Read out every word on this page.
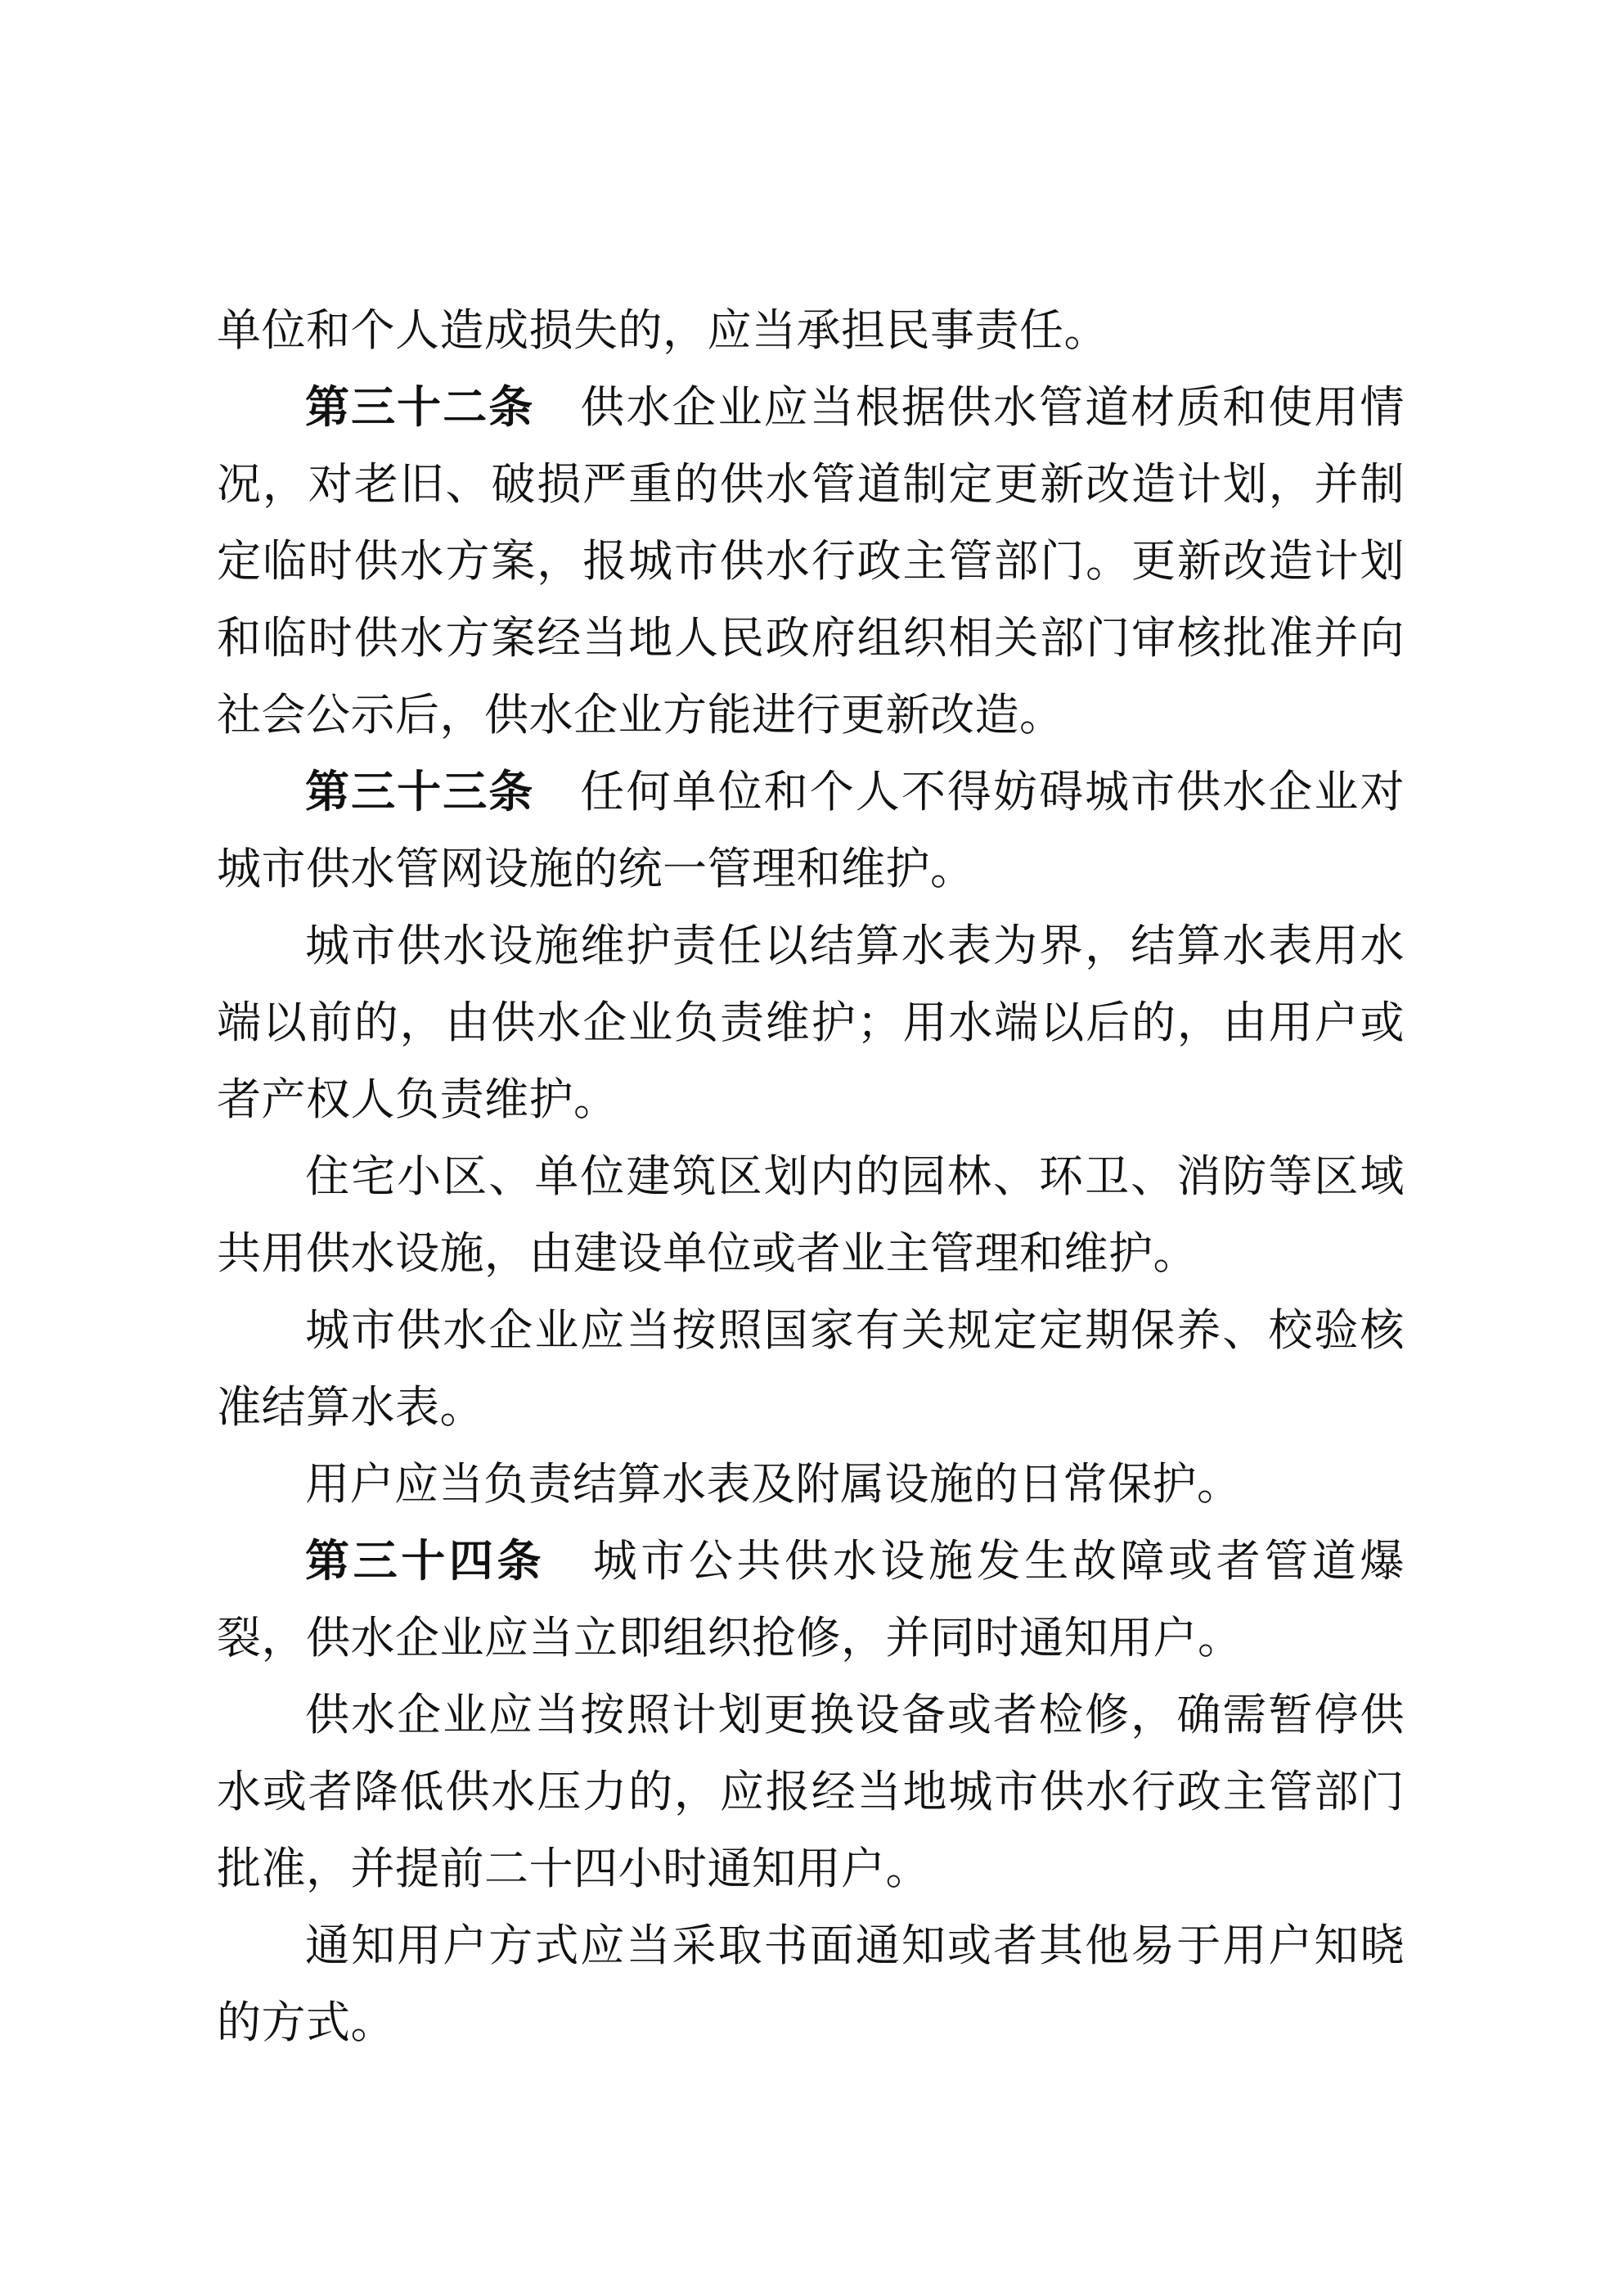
单位和个人造成损失的，应当承担民事责任。

第三十二条　供水企业应当根据供水管道材质和使用情况，对老旧、破损严重的供水管道制定更新改造计划，并制定临时供水方案，报城市供水行政主管部门。更新改造计划和临时供水方案经当地人民政府组织相关部门审核批准并向社会公示后，供水企业方能进行更新改造。

第三十三条　任何单位和个人不得妨碍城市供水企业对城市供水管网设施的统一管理和维护。

城市供水设施维护责任以结算水表为界，结算水表用水端以前的，由供水企业负责维护；用水端以后的，由用户或者产权人负责维护。

住宅小区、单位建筑区划内的园林、环卫、消防等区域共用供水设施，由建设单位或者业主管理和维护。

城市供水企业应当按照国家有关规定定期保养、校验核准结算水表。

用户应当负责结算水表及附属设施的日常保护。

第三十四条　城市公共供水设施发生故障或者管道爆裂，供水企业应当立即组织抢修，并同时通知用户。

供水企业应当按照计划更换设备或者检修，确需暂停供水或者降低供水压力的，应报经当地城市供水行政主管部门批准，并提前二十四小时通知用户。

通知用户方式应当采取书面通知或者其他易于用户知晓的方式。
